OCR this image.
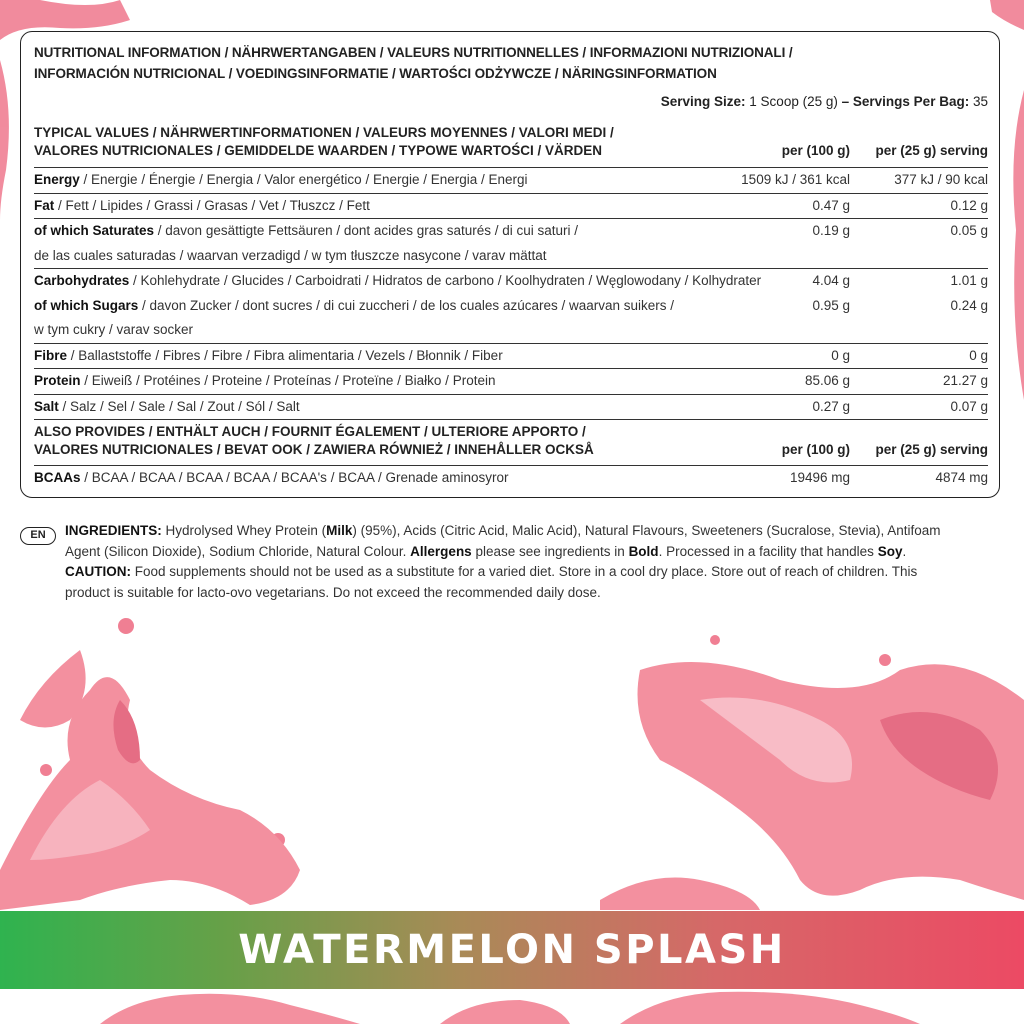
NUTRITIONAL INFORMATION / NÄHRWERTANGABEN / VALEURS NUTRITIONNELLES / INFORMAZIONI NUTRIZIONALI /
INFORMACIÓN NUTRICIONAL / VOEDINGSINFORMATIE / WARTOŚCI ODŻYWCZE / NÄRINGSINFORMATION
Serving Size: 1 Scoop (25 g) – Servings Per Bag: 35
TYPICAL VALUES / NÄHRWERTINFORMATIONEN / VALEURS MOYENNES / VALORI MEDI /
VALORES NUTRICIONALES / GEMIDDELDE WAARDEN / TYPOWE WARTOŚCI / VÄRDEN	per (100 g) per (25 g) serving
Energy / Energie / Énergie / Energia / Valor energético / Energie / Energia / Energi	1509 kJ / 361 kcal	377 kJ / 90 kcal
Fat / Fett / Lipides / Grassi / Grasas / Vet / Tłuszcz / Fett	0.47 g	0.12 g
of which Saturates / davon gesättigte Fettsäuren / dont acides gras saturés / di cui saturi /
de las cuales saturadas / waarvan verzadigd / w tym tłuszcze nasycone / varav mättat
0.19 g	0.05 g
Carbohydrates / Kohlehydrate / Glucides / Carboidrati / Hidratos de carbono / Koolhydraten / Węglowodany / Kolhydrater	4.04 g	1.01 g
of which Sugars / davon Zucker / dont sucres / di cui zuccheri / de los cuales azúcares / waarvan suikers /
w tym cukry / varav socker
0.95 g	0.24 g
Fibre / Ballaststoffe / Fibres / Fibre / Fibra alimentaria / Vezels / Błonnik / Fiber	0 g	0 g
Protein / Eiweiß / Protéines / Proteine / Proteínas / Proteïne / Białko / Protein	85.06 g	21.27 g
Salt / Salz / Sel / Sale / Sal / Zout / Sól / Salt	0.27 g	0.07 g
ALSO PROVIDES / ENTHÄLT AUCH / FOURNIT ÉGALEMENT / ULTERIORE APPORTO /
VALORES NUTRICIONALES / BEVAT OOK / ZAWIERA RÓWNIEŻ / INNEHÅLLER OCKSÅ	per (100 g) per (25 g) serving
BCAAs / BCAA / BCAA / BCAA / BCAA / BCAA's / BCAA / Grenade aminosyror	19496 mg	4874 mg
EN	INGREDIENTS: Hydrolysed Whey Protein (Milk) (95%), Acids (Citric Acid, Malic Acid), Natural Flavours, Sweeteners (Sucralose, Stevia), Antifoam Agent (Silicon Dioxide), Sodium Chloride, Natural Colour. Allergens please see ingredients in Bold. Processed in a facility that handles Soy.
CAUTION: Food supplements should not be used as a substitute for a varied diet. Store in a cool dry place. Store out of reach of children. This product is suitable for lacto-ovo vegetarians. Do not exceed the recommended daily dose.
WATERMELON SPLASH
